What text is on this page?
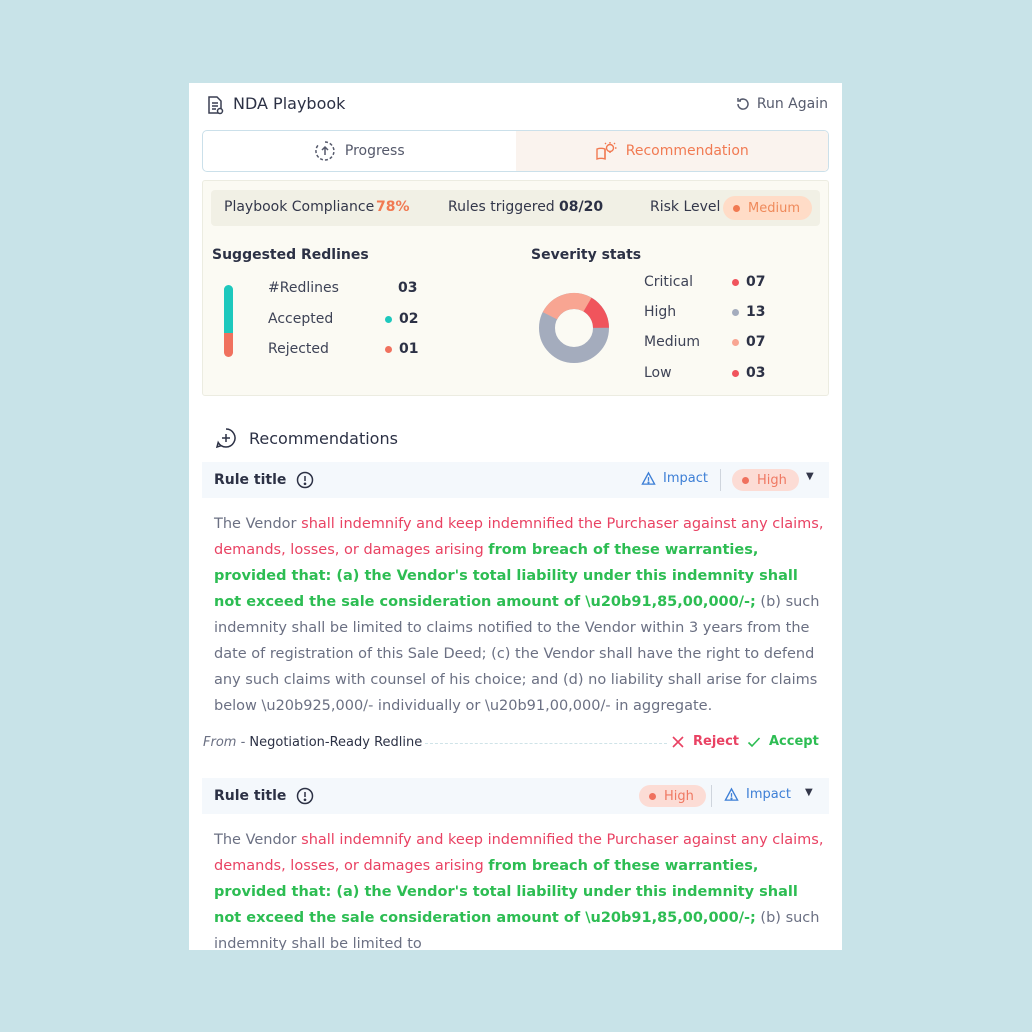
NDA Playbook	Run Again
Progress	Recommendation
Playbook Compliance 78%	Rules triggered 08/20	Risk Level Medium
Suggested Redlines
#Redlines	03
Accepted	02
Rejected	01
Severity stats
Critical	07
High	13
Medium	07
Low	03
Recommendations
Rule title	Impact	High ▼
The Vendor shall indemnify and keep indemnified the Purchaser against any claims, demands, losses, or damages arising from breach of these warranties, provided that: (a) the Vendor's total liability under this indemnity shall not exceed the sale consideration amount of \u20b91,85,00,000/-; (b) such indemnity shall be limited to claims notified to the Vendor within 3 years from the date of registration of this Sale Deed; (c) the Vendor shall have the right to defend any such claims with counsel of his choice; and (d) no liability shall arise for claims below \u20b925,000/- individually or \u20b91,00,000/- in aggregate.
From - Negotiation-Ready Redline	Reject Accept
Rule title	High	Impact ▼
The Vendor shall indemnify and keep indemnified the Purchaser against any claims, demands, losses, or damages arising from breach of these warranties, provided that: (a) the Vendor's total liability under this indemnity shall not exceed the sale consideration amount of \u20b91,85,00,000/-; (b) such indemnity shall be limited to
